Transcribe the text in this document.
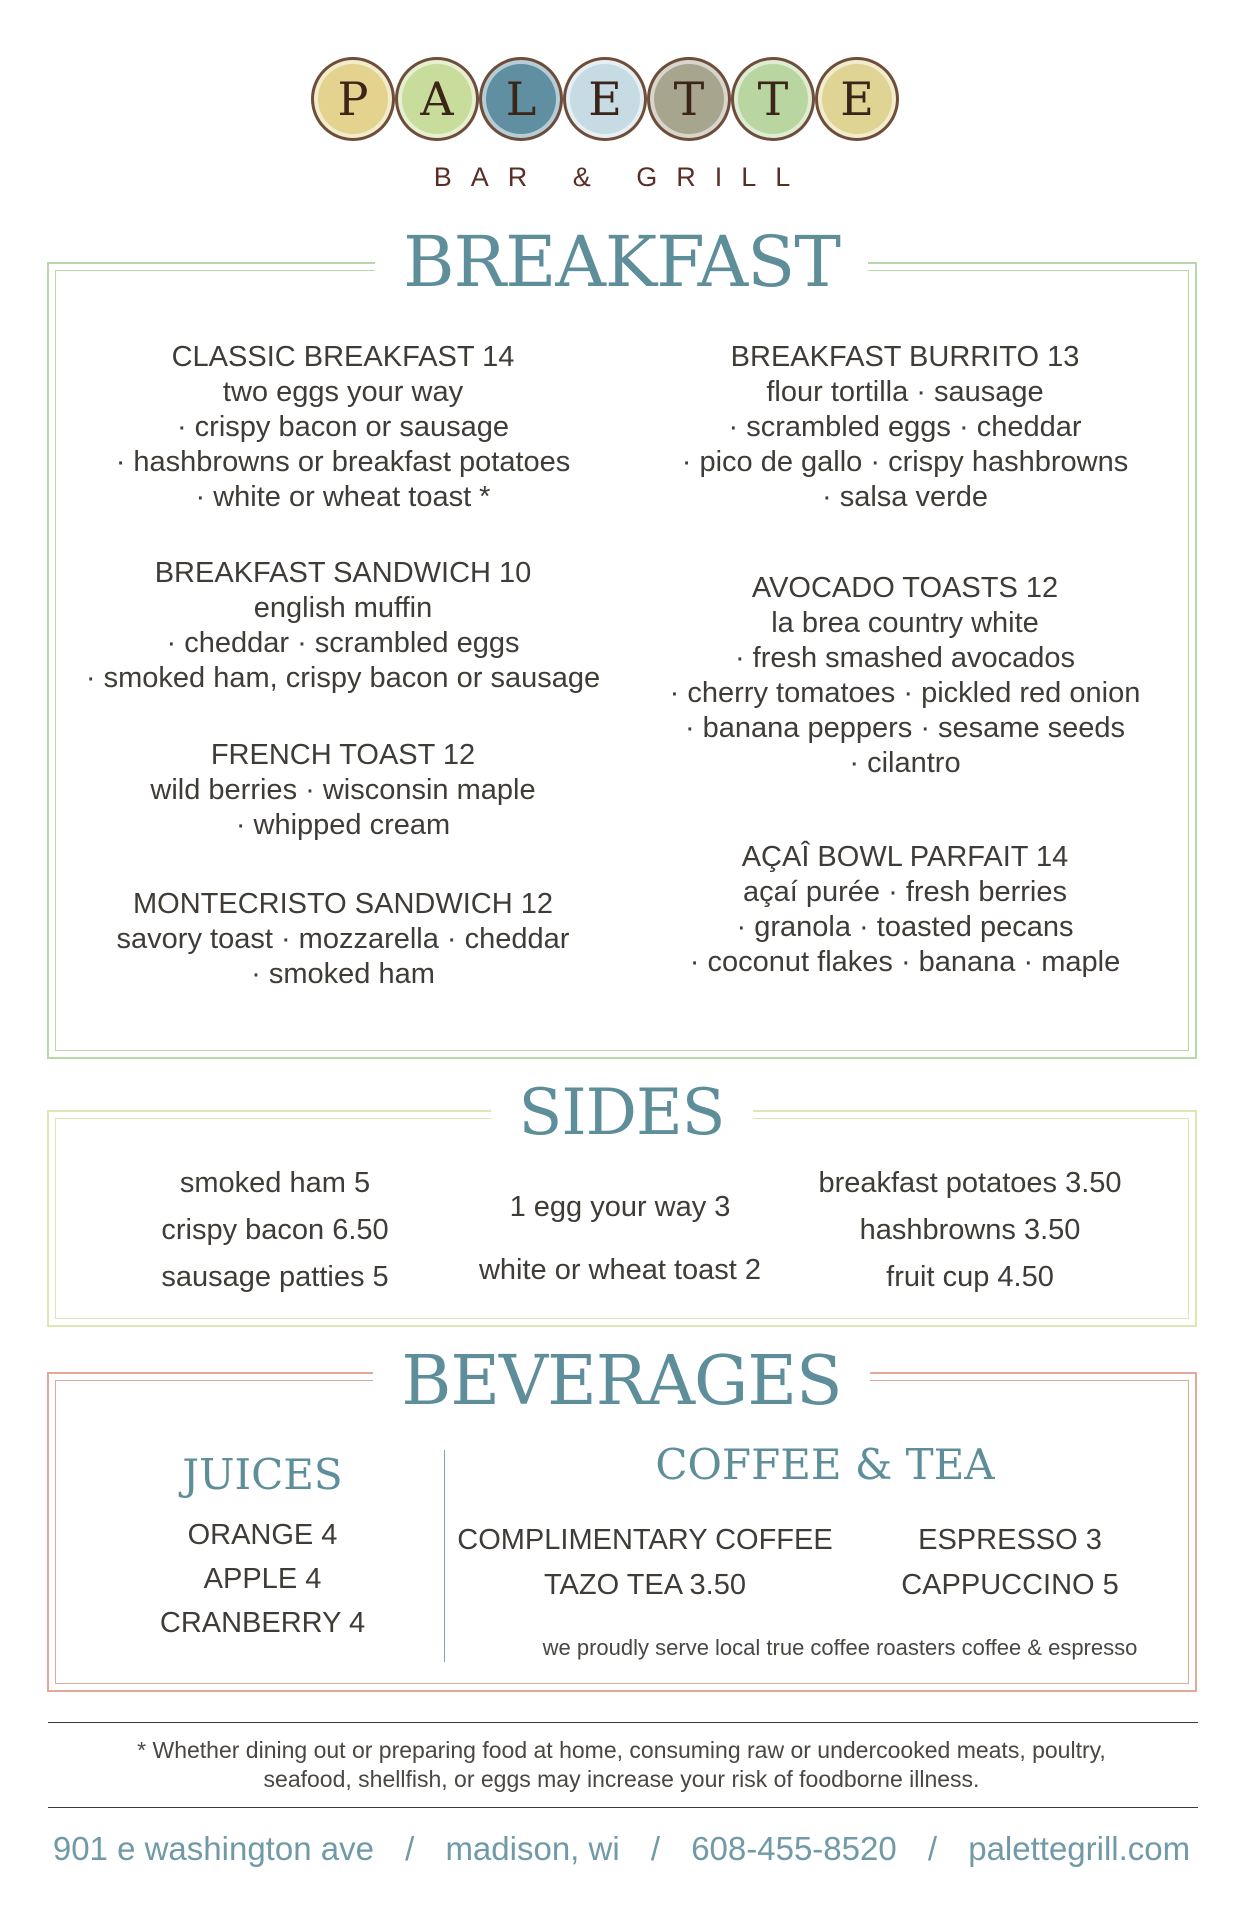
P	A	L	E	T	T	E
BAR & GRILL
BREAKFAST
CLASSIC BREAKFAST 14
two eggs your way
· crispy bacon or sausage
· hashbrowns or breakfast potatoes
· white or wheat toast *
BREAKFAST SANDWICH 10
english muffin
· cheddar · scrambled eggs
· smoked ham, crispy bacon or sausage
FRENCH TOAST 12
wild berries · wisconsin maple
· whipped cream
MONTECRISTO SANDWICH 12
savory toast · mozzarella · cheddar
· smoked ham
BREAKFAST BURRITO 13
flour tortilla · sausage
· scrambled eggs · cheddar
· pico de gallo · crispy hashbrowns
· salsa verde
AVOCADO TOASTS 12
la brea country white
· fresh smashed avocados
· cherry tomatoes · pickled red onion
· banana peppers · sesame seeds
· cilantro
AÇAÎ BOWL PARFAIT 14
açaí purée · fresh berries
· granola · toasted pecans
· coconut flakes · banana · maple
SIDES
smoked ham 5
crispy bacon 6.50
sausage patties 5
1 egg your way 3
white or wheat toast 2
breakfast potatoes 3.50
hashbrowns 3.50
fruit cup 4.50
BEVERAGES
JUICES
ORANGE 4
APPLE 4
CRANBERRY 4
COFFEE & TEA
COMPLIMENTARY COFFEE
TAZO TEA 3.50
ESPRESSO 3
CAPPUCCINO 5
we proudly serve local true coffee roasters coffee & espresso
* Whether dining out or preparing food at home, consuming raw or undercooked meats, poultry,
seafood, shellfish, or eggs may increase your risk of foodborne illness.
901 e washington ave / madison, wi / 608-455-8520 / palettegrill.com
